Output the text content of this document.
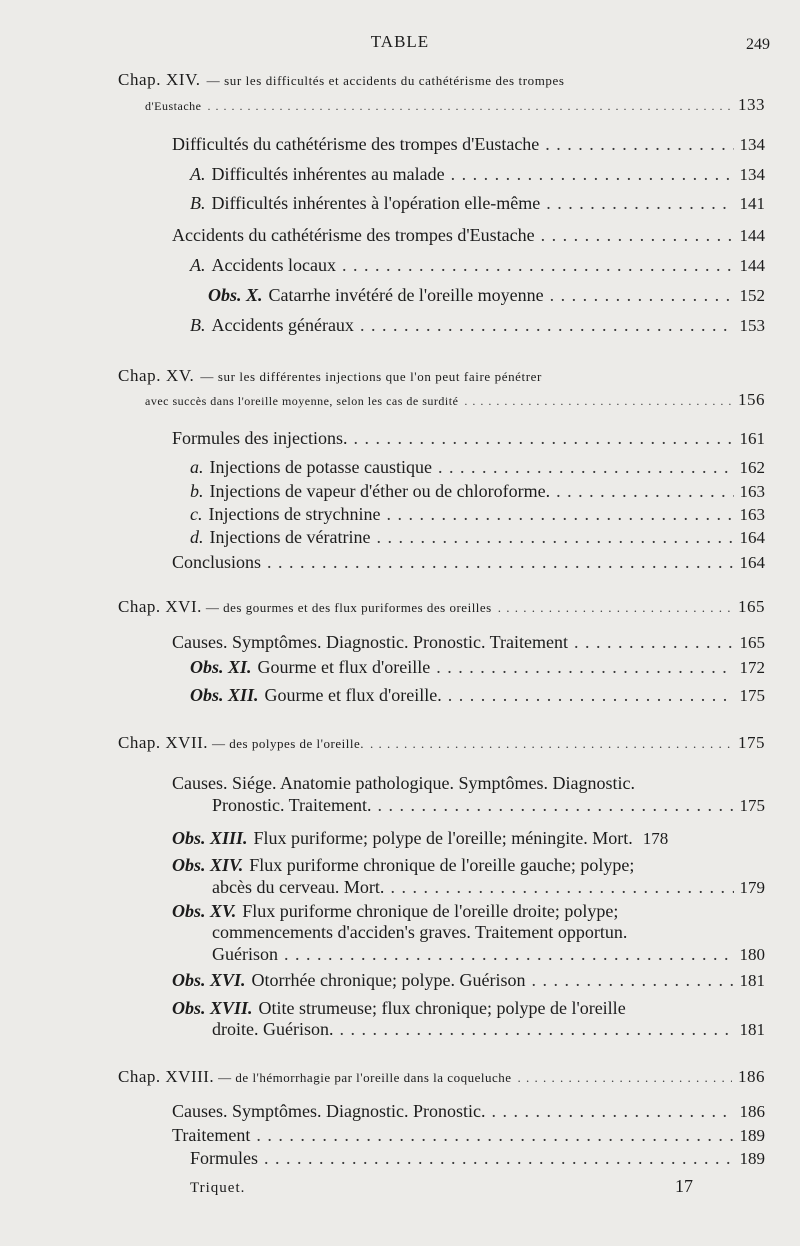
TABLE	249
Chap. XIV. — sur les difficultés et accidents du cathétérisme des trompes
d'Eustache . . .	133
Difficultés du cathétérisme des trompes d'Eustache . . .	134
A. Difficultés inhérentes au malade . . .	134
B. Difficultés inhérentes à l'opération elle-même . . .	141
Accidents du cathétérisme des trompes d'Eustache . . .	144
A. Accidents locaux . . .	144
Obs. X. Catarrhe invétéré de l'oreille moyenne . . .	152
B. Accidents généraux . . .	153
Chap. XV. — sur les différentes injections que l'on peut faire pénétrer
avec succès dans l'oreille moyenne, selon les cas de surdité . . .	156
Formules des injections. . . .	161
a. Injections de potasse caustique . . .	162
b. Injections de vapeur d'éther ou de chloroforme. . . .	163
c. Injections de strychnine . . .	163
d. Injections de vératrine . . .	164
Conclusions . . .	164
Chap. XVI. — des gourmes et des flux puriformes des oreilles . . .	165
Causes. Symptômes. Diagnostic. Pronostic. Traitement . . .	165
Obs. XI. Gourme et flux d'oreille . . .	172
Obs. XII. Gourme et flux d'oreille. . . .	175
Chap. XVII. — des polypes de l'oreille. . . .	175
Causes. Siége. Anatomie pathologique. Symptômes. Diagnostic.
Pronostic. Traitement. . . .	175
Obs. XIII. Flux puriforme; polype de l'oreille; méningite. Mort. 178
Obs. XIV. Flux puriforme chronique de l'oreille gauche; polype;
abcès du cerveau. Mort. . . .	179
Obs. XV. Flux puriforme chronique de l'oreille droite; polype;
commencements d'acciden's graves. Traitement opportun.
Guérison . . .	180
Obs. XVI. Otorrhée chronique; polype. Guérison . . .	181
Obs. XVII. Otite strumeuse; flux chronique; polype de l'oreille
droite. Guérison. . . .	181
Chap. XVIII. — de l'hémorrhagie par l'oreille dans la coqueluche . . .	186
Causes. Symptômes. Diagnostic. Pronostic. . . .	186
Traitement . . .	189
Formules . . .	189
Triquet.	17
